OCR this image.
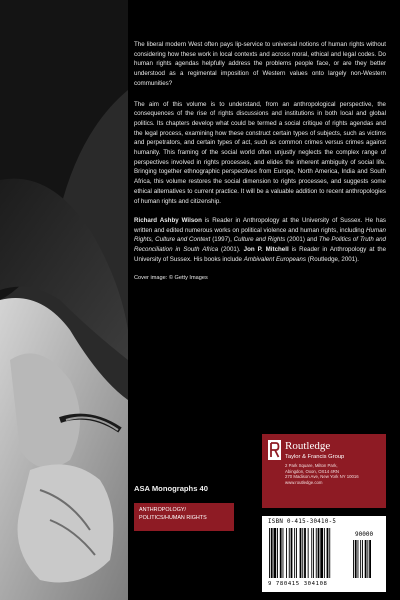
The liberal modern West often pays lip-service to universal notions of human rights without considering how these work in local contexts and across moral, ethical and legal codes. Do human rights agendas helpfully address the problems people face, or are they better understood as a regimental imposition of Western values onto largely non-Western communities?

The aim of this volume is to understand, from an anthropological perspective, the consequences of the rise of rights discussions and institutions in both local and global politics. Its chapters develop what could be termed a social critique of rights agendas and the legal process, examining how these construct certain types of subjects, such as victims and perpetrators, and certain types of act, such as common crimes versus crimes against humanity. This framing of the social world often unjustly neglects the complex range of perspectives involved in rights processes, and elides the inherent ambiguity of social life. Bringing together ethnographic perspectives from Europe, North America, India and South Africa, this volume restores the social dimension to rights processes, and suggests some ethical alternatives to current practice. It will be a valuable addition to recent anthropologies of human rights and citizenship.

Richard Ashby Wilson is Reader in Anthropology at the University of Sussex. He has written and edited numerous works on political violence and human rights, including Human Rights, Culture and Context (1997), Culture and Rights (2001) and The Politics of Truth and Reconciliation in South Africa (2001). Jon P. Mitchell is Reader in Anthropology at the University of Sussex. His books include Ambivalent Europeans (Routledge, 2001).

Cover image: © Getty Images

ASA Monographs 40
ANTHROPOLOGY/
POLITICS/HUMAN RIGHTS
Routledge
Taylor & Francis Group
2 Park Square, Milton Park,
Abingdon, Oxon, OX14 4RN
270 Madison Ave, New York NY 10016
www.routledge.com
ISBN 0-415-30410-5
90000
9 780415 304108
